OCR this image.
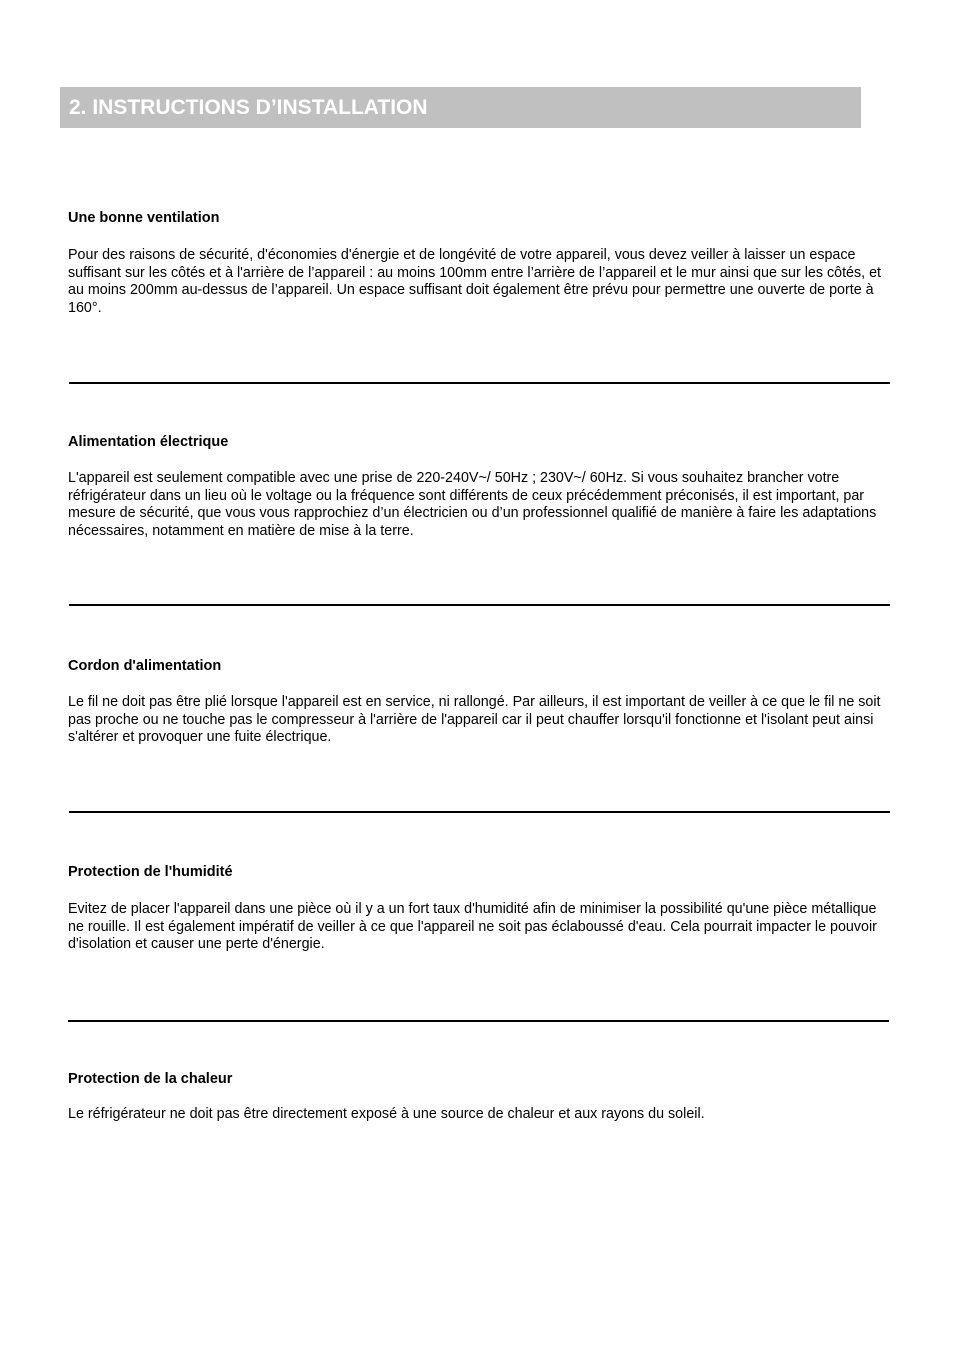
2. INSTRUCTIONS D’INSTALLATION
Une bonne ventilation

Pour des raisons de sécurité, d'économies d'énergie et de longévité de votre appareil, vous devez veiller à laisser un espace suffisant sur les côtés et à l'arrière de l’appareil : au moins 100mm entre l’arrière de l’appareil et le mur ainsi que sur les côtés, et au moins 200mm au-dessus de l’appareil. Un espace suffisant doit également être prévu pour permettre une ouverte de porte à 160°.

Alimentation électrique

L'appareil est seulement compatible avec une prise de 220-240V~/ 50Hz ; 230V~/ 60Hz. Si vous souhaitez brancher votre réfrigérateur dans un lieu où le voltage ou la fréquence sont différents de ceux précédemment préconisés, il est important, par mesure de sécurité, que vous vous rapprochiez d’un électricien ou d’un professionnel qualifié de manière à faire les adaptations nécessaires, notamment en matière de mise à la terre.

Cordon d'alimentation

Le fil ne doit pas être plié lorsque l'appareil est en service, ni rallongé. Par ailleurs, il est important de veiller à ce que le fil ne soit pas proche ou ne touche pas le compresseur à l'arrière de l'appareil car il peut chauffer lorsqu'il fonctionne et l'isolant peut ainsi s'altérer et provoquer une fuite électrique.

Protection de l'humidité

Evitez de placer l'appareil dans une pièce où il y a un fort taux d'humidité afin de minimiser la possibilité qu'une pièce métallique ne rouille. Il est également impératif de veiller à ce que l'appareil ne soit pas éclaboussé d'eau. Cela pourrait impacter le pouvoir d'isolation et causer une perte d'énergie.

Protection de la chaleur

Le réfrigérateur ne doit pas être directement exposé à une source de chaleur et aux rayons du soleil.
